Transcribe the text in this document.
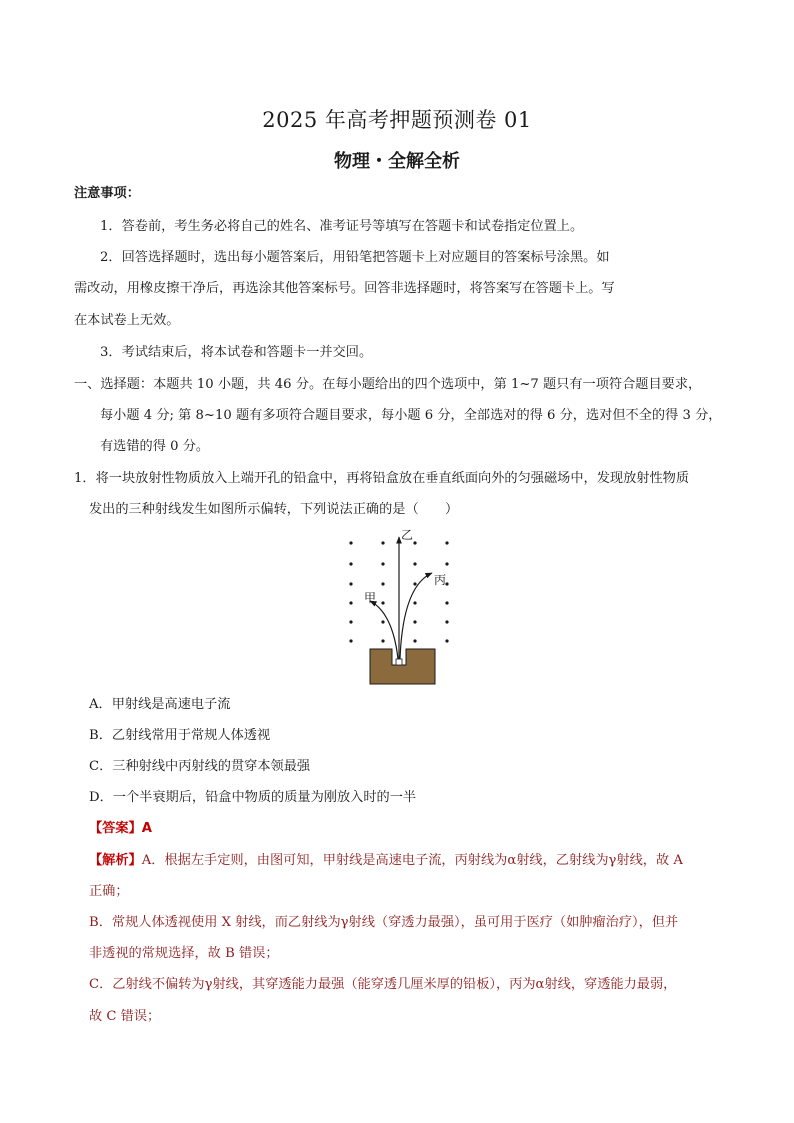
2025 年高考押题预测卷 01
物理・全解全析
注意事项：
1．答卷前，考生务必将自己的姓名、准考证号等填写在答题卡和试卷指定位置上。
2．回答选择题时，选出每小题答案后，用铅笔把答题卡上对应题目的答案标号涂黑。如
需改动，用橡皮擦干净后，再选涂其他答案标号。回答非选择题时，将答案写在答题卡上。写
在本试卷上无效。
3．考试结束后，将本试卷和答题卡一并交回。
一、选择题：本题共 10 小题，共 46 分。在每小题给出的四个选项中，第 1~7 题只有一项符合题目要求，
每小题 4 分; 第 8~10 题有多项符合题目要求，每小题 6 分，全部选对的得 6 分，选对但不全的得 3 分，
有选错的得 0 分。
1．将一块放射性物质放入上端开孔的铅盒中，再将铅盒放在垂直纸面向外的匀强磁场中，发现放射性物质
发出的三种射线发生如图所示偏转，下列说法正确的是（　　）
乙
甲
丙
A．甲射线是高速电子流
B．乙射线常用于常规人体透视
C．三种射线中丙射线的贯穿本领最强
D．一个半衰期后，铅盒中物质的质量为刚放入时的一半
【答案】A
【解析】A．根据左手定则，由图可知，甲射线是高速电子流，丙射线为α射线，乙射线为γ射线，故 A
正确；
B．常规人体透视使用 X 射线，而乙射线为γ射线（穿透力最强），虽可用于医疗（如肿瘤治疗），但并
非透视的常规选择，故 B 错误；
C．乙射线不偏转为γ射线，其穿透能力最强（能穿透几厘米厚的铅板），丙为α射线，穿透能力最弱，
故 C 错误；
